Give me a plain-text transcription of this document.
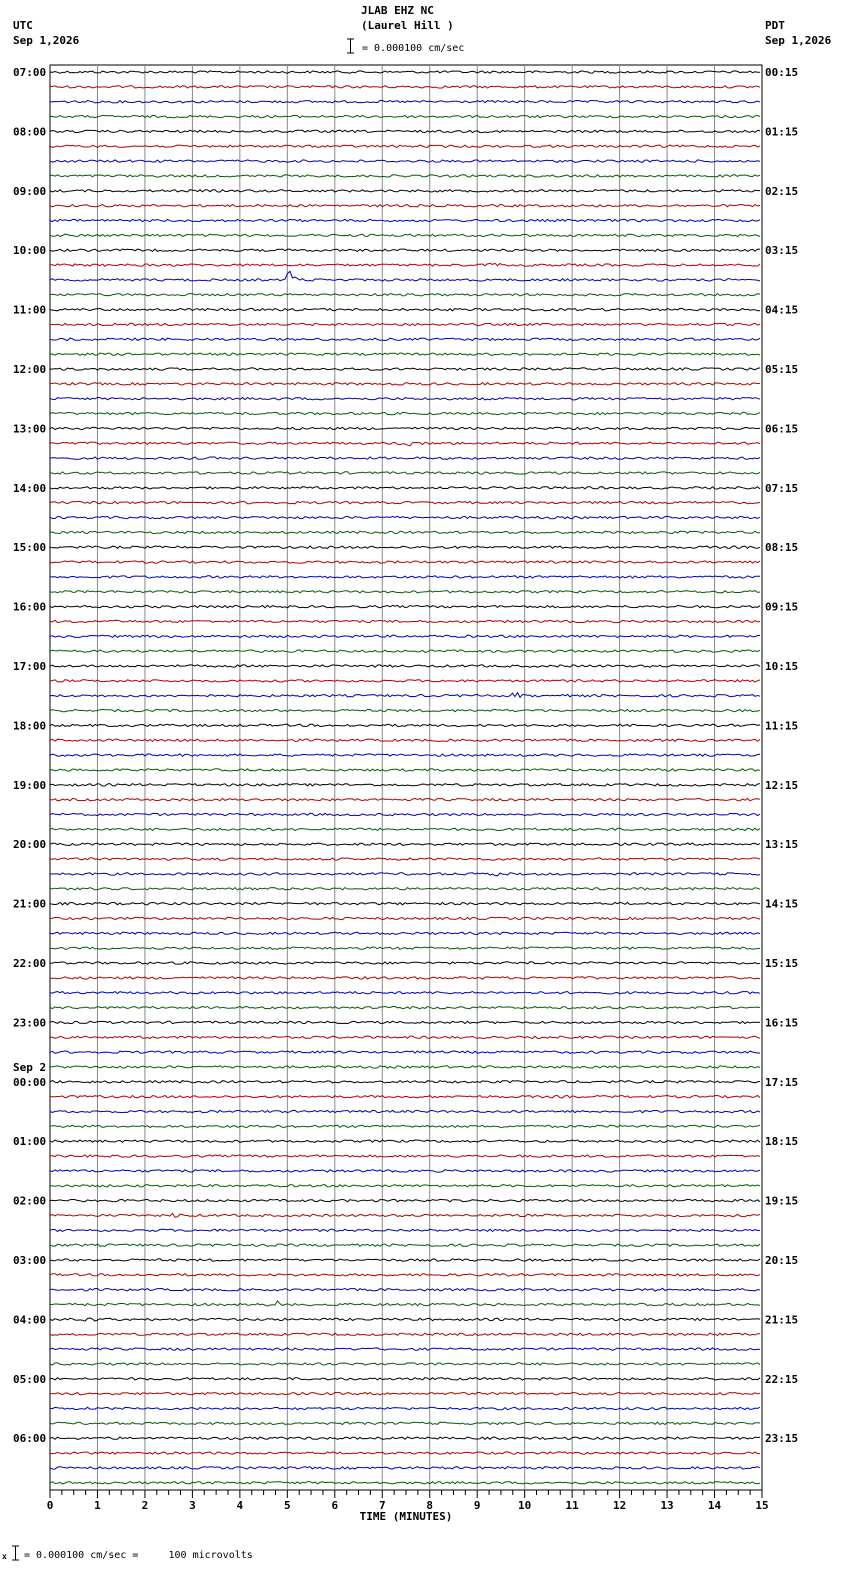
JLAB EHZ NC
(Laurel Hill )
= 0.000100 cm/sec
UTC
Sep 1,2026
PDT
Sep 1,2026
07:00
08:00
09:00
10:00
11:00
12:00
13:00
14:00
15:00
16:00
17:00
18:00
19:00
20:00
21:00
22:00
23:00
00:00
01:00
02:00
03:00
04:00
05:00
06:00
00:15
01:15
02:15
03:15
04:15
05:15
06:15
07:15
08:15
09:15
10:15
11:15
12:15
13:15
14:15
15:15
16:15
17:15
18:15
19:15
20:15
21:15
22:15
23:15
Sep 2
0	1	2	3	4	5	6	7	8	9	10	11	12	13	14	15
TIME (MINUTES)
x = 0.000100 cm/sec =     100 microvolts
